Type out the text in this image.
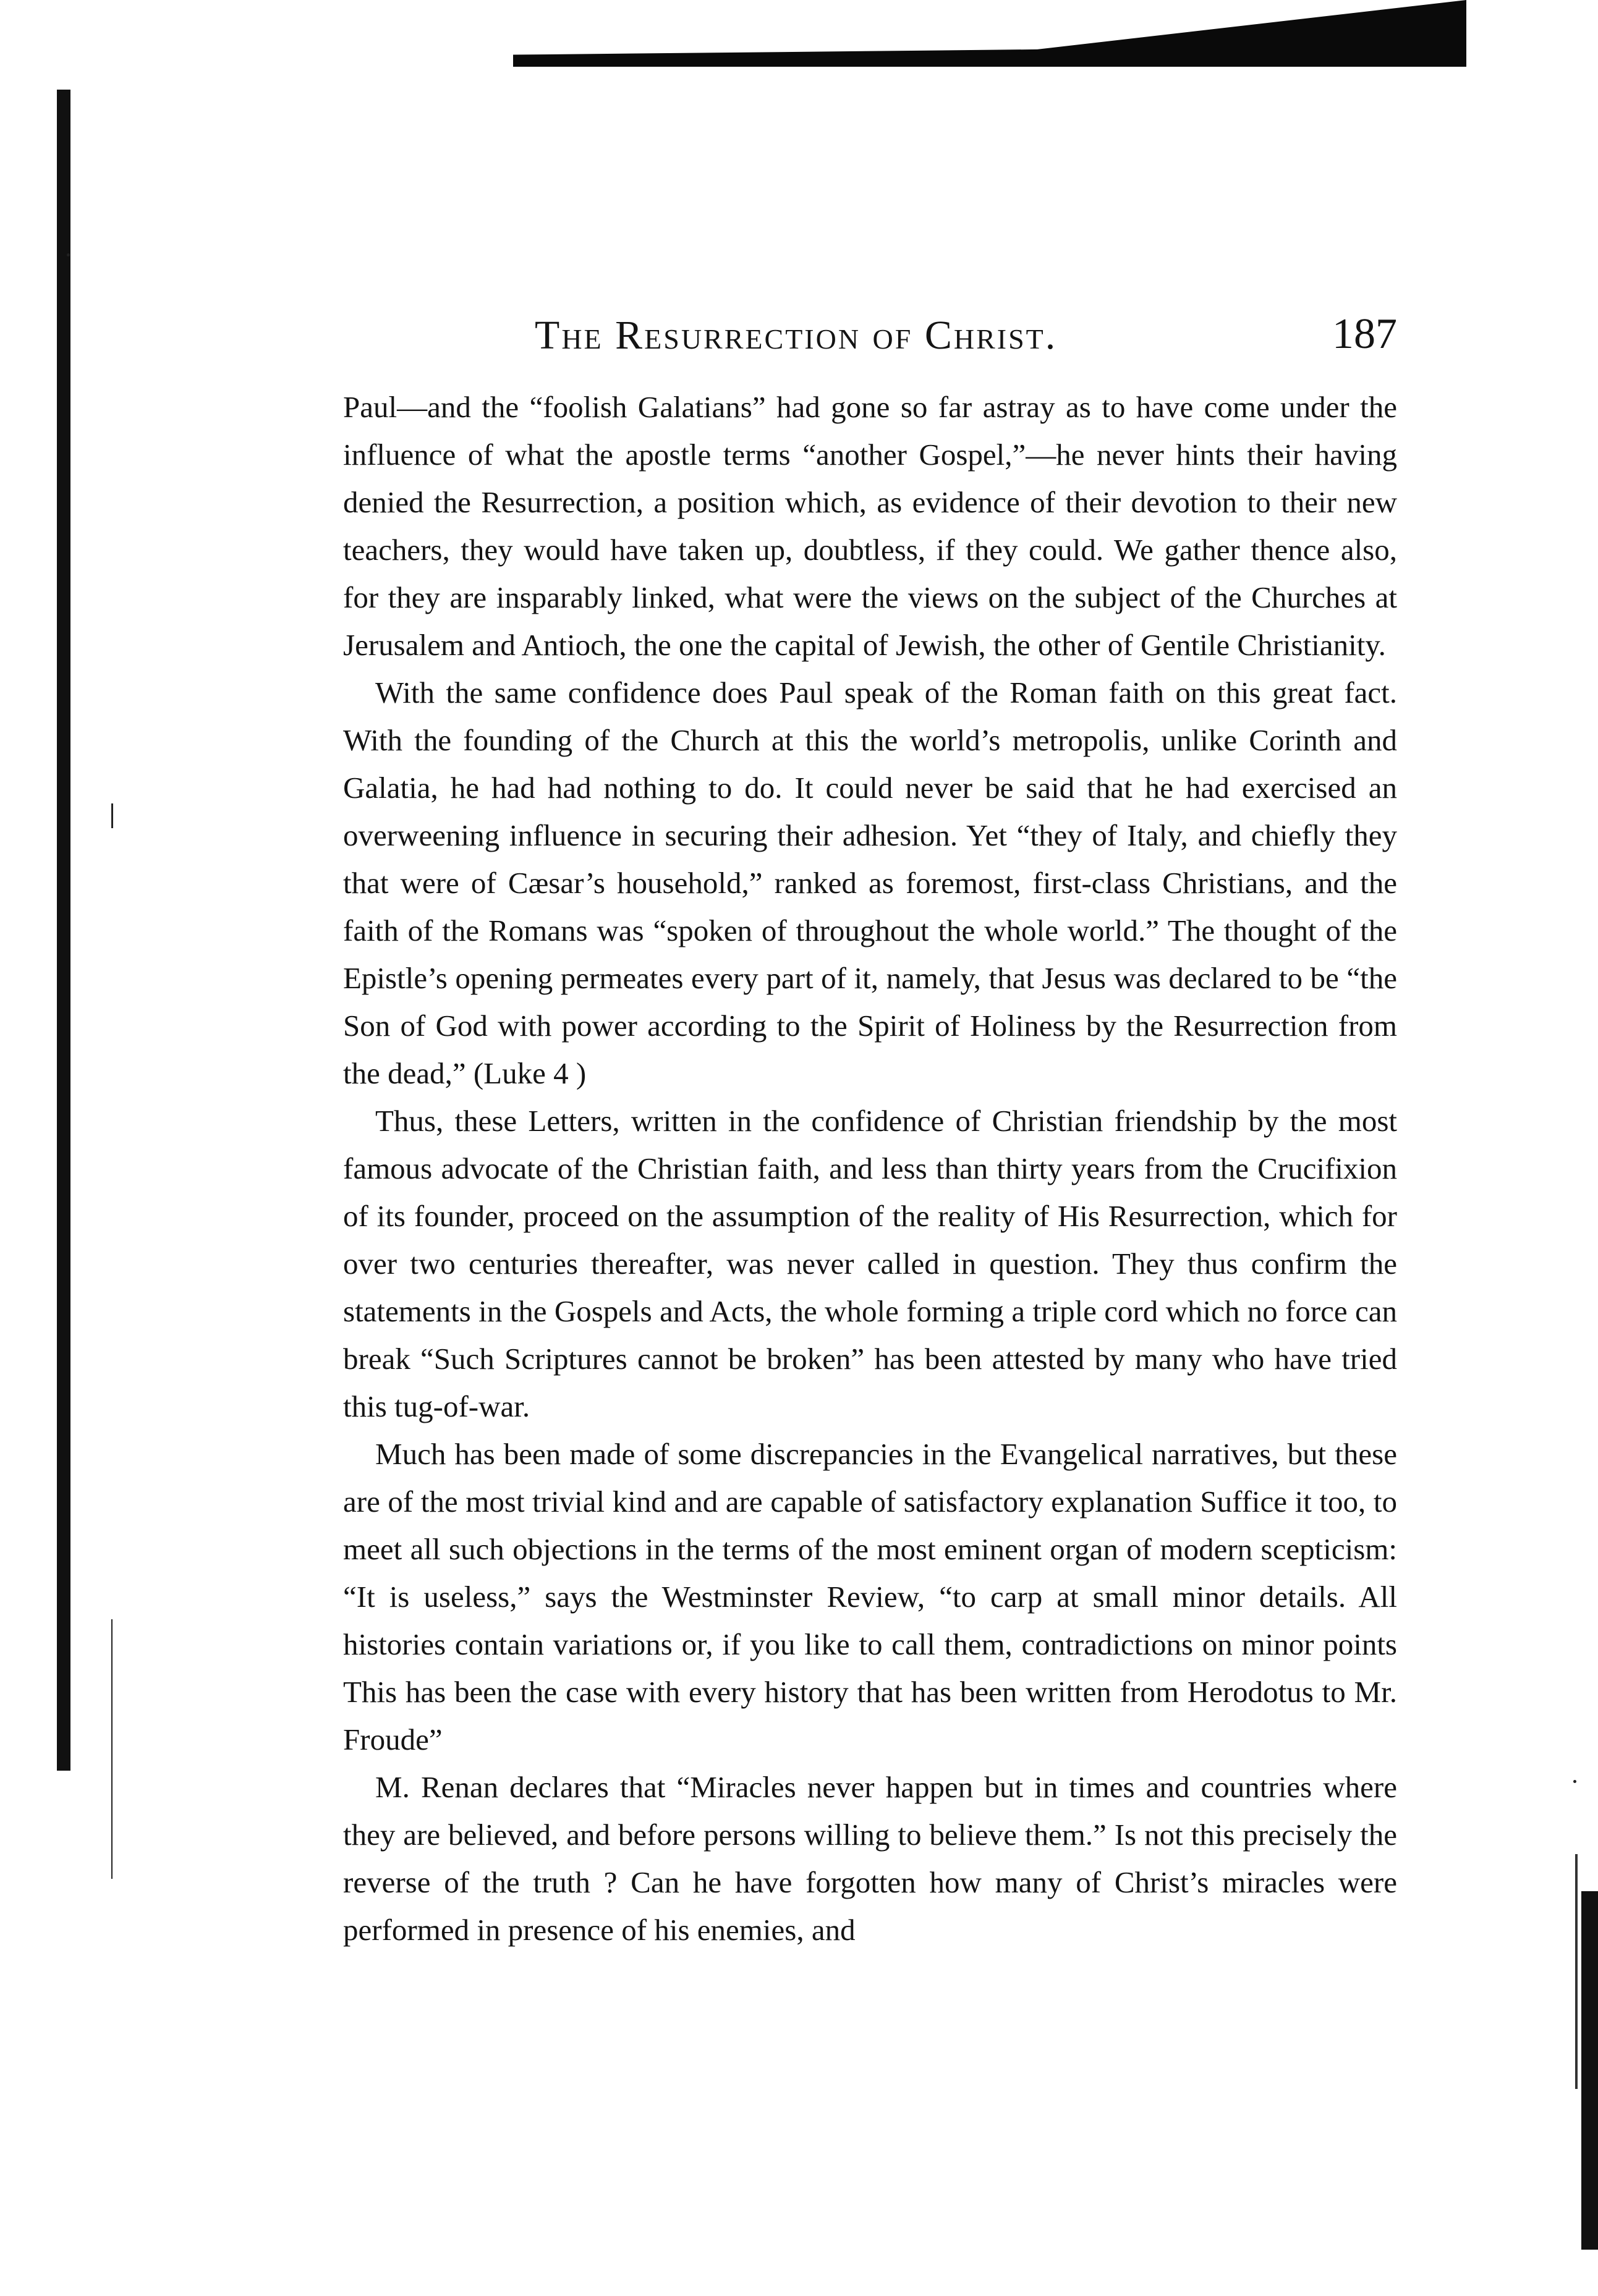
The Resurrection of Christ.	187

Paul—and the “foolish Galatians” had gone so far astray as to have come under the influence of what the apostle terms “another Gospel,”—he never hints their having denied the Resurrection, a position which, as evidence of their devotion to their new teachers, they would have taken up, doubtless, if they could. We gather thence also, for they are insparably linked, what were the views on the subject of the Churches at Jerusalem and Antioch, the one the capital of Jewish, the other of Gentile Christianity.

With the same confidence does Paul speak of the Roman faith on this great fact. With the founding of the Church at this the world’s metropolis, unlike Corinth and Galatia, he had had nothing to do. It could never be said that he had exercised an overweening influence in securing their adhesion. Yet “they of Italy, and chiefly they that were of Cæsar’s household,” ranked as foremost, first-class Christians, and the faith of the Romans was “spoken of throughout the whole world.” The thought of the Epistle’s opening permeates every part of it, namely, that Jesus was declared to be “the Son of God with power according to the Spirit of Holiness by the Resurrection from the dead,” (Luke 4 )

Thus, these Letters, written in the confidence of Christian friendship by the most famous advocate of the Christian faith, and less than thirty years from the Crucifixion of its founder, proceed on the assumption of the reality of His Resurrection, which for over two centuries thereafter, was never called in question. They thus confirm the statements in the Gospels and Acts, the whole forming a triple cord which no force can break “Such Scriptures cannot be broken” has been attested by many who have tried this tug-of-war.

Much has been made of some discrepancies in the Evangelical narratives, but these are of the most trivial kind and are capable of satisfactory explanation Suffice it too, to meet all such objections in the terms of the most eminent organ of modern scepticism: “It is useless,” says the Westminster Review, “to carp at small minor details. All histories contain variations or, if you like to call them, contradictions on minor points This has been the case with every history that has been written from Herodotus to Mr. Froude”

M. Renan declares that “Miracles never happen but in times and countries where they are believed, and before persons willing to believe them.” Is not this precisely the reverse of the truth ? Can he have forgotten how many of Christ’s miracles were performed in presence of his enemies, and
